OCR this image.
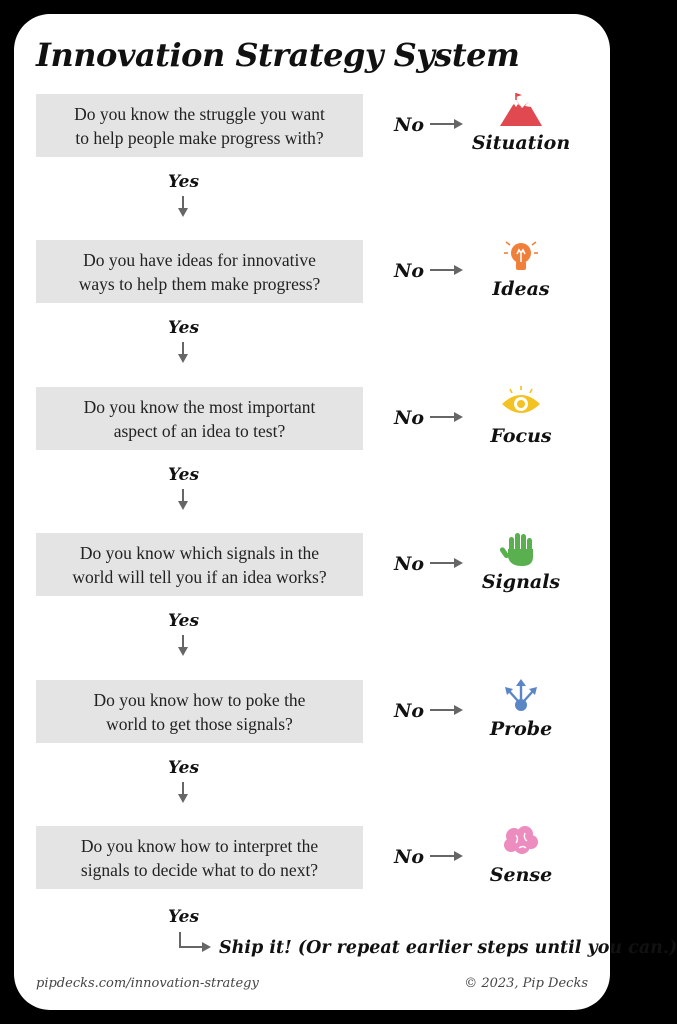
Innovation Strategy System
Do you know the struggle you want
to help people make progress with?
No
Situation
Yes
Do you have ideas for innovative
ways to help them make progress?
No
Ideas
Yes
Do you know the most important
aspect of an idea to test?
No
Focus
Yes
Do you know which signals in the
world will tell you if an idea works?
No
Signals
Yes
Do you know how to poke the
world to get those signals?
No
Probe
Yes
Do you know how to interpret the
signals to decide what to do next?
No
Sense
Yes
Ship it! (Or repeat earlier steps until you can.)
pipdecks.com/innovation-strategy	© 2023, Pip Decks
